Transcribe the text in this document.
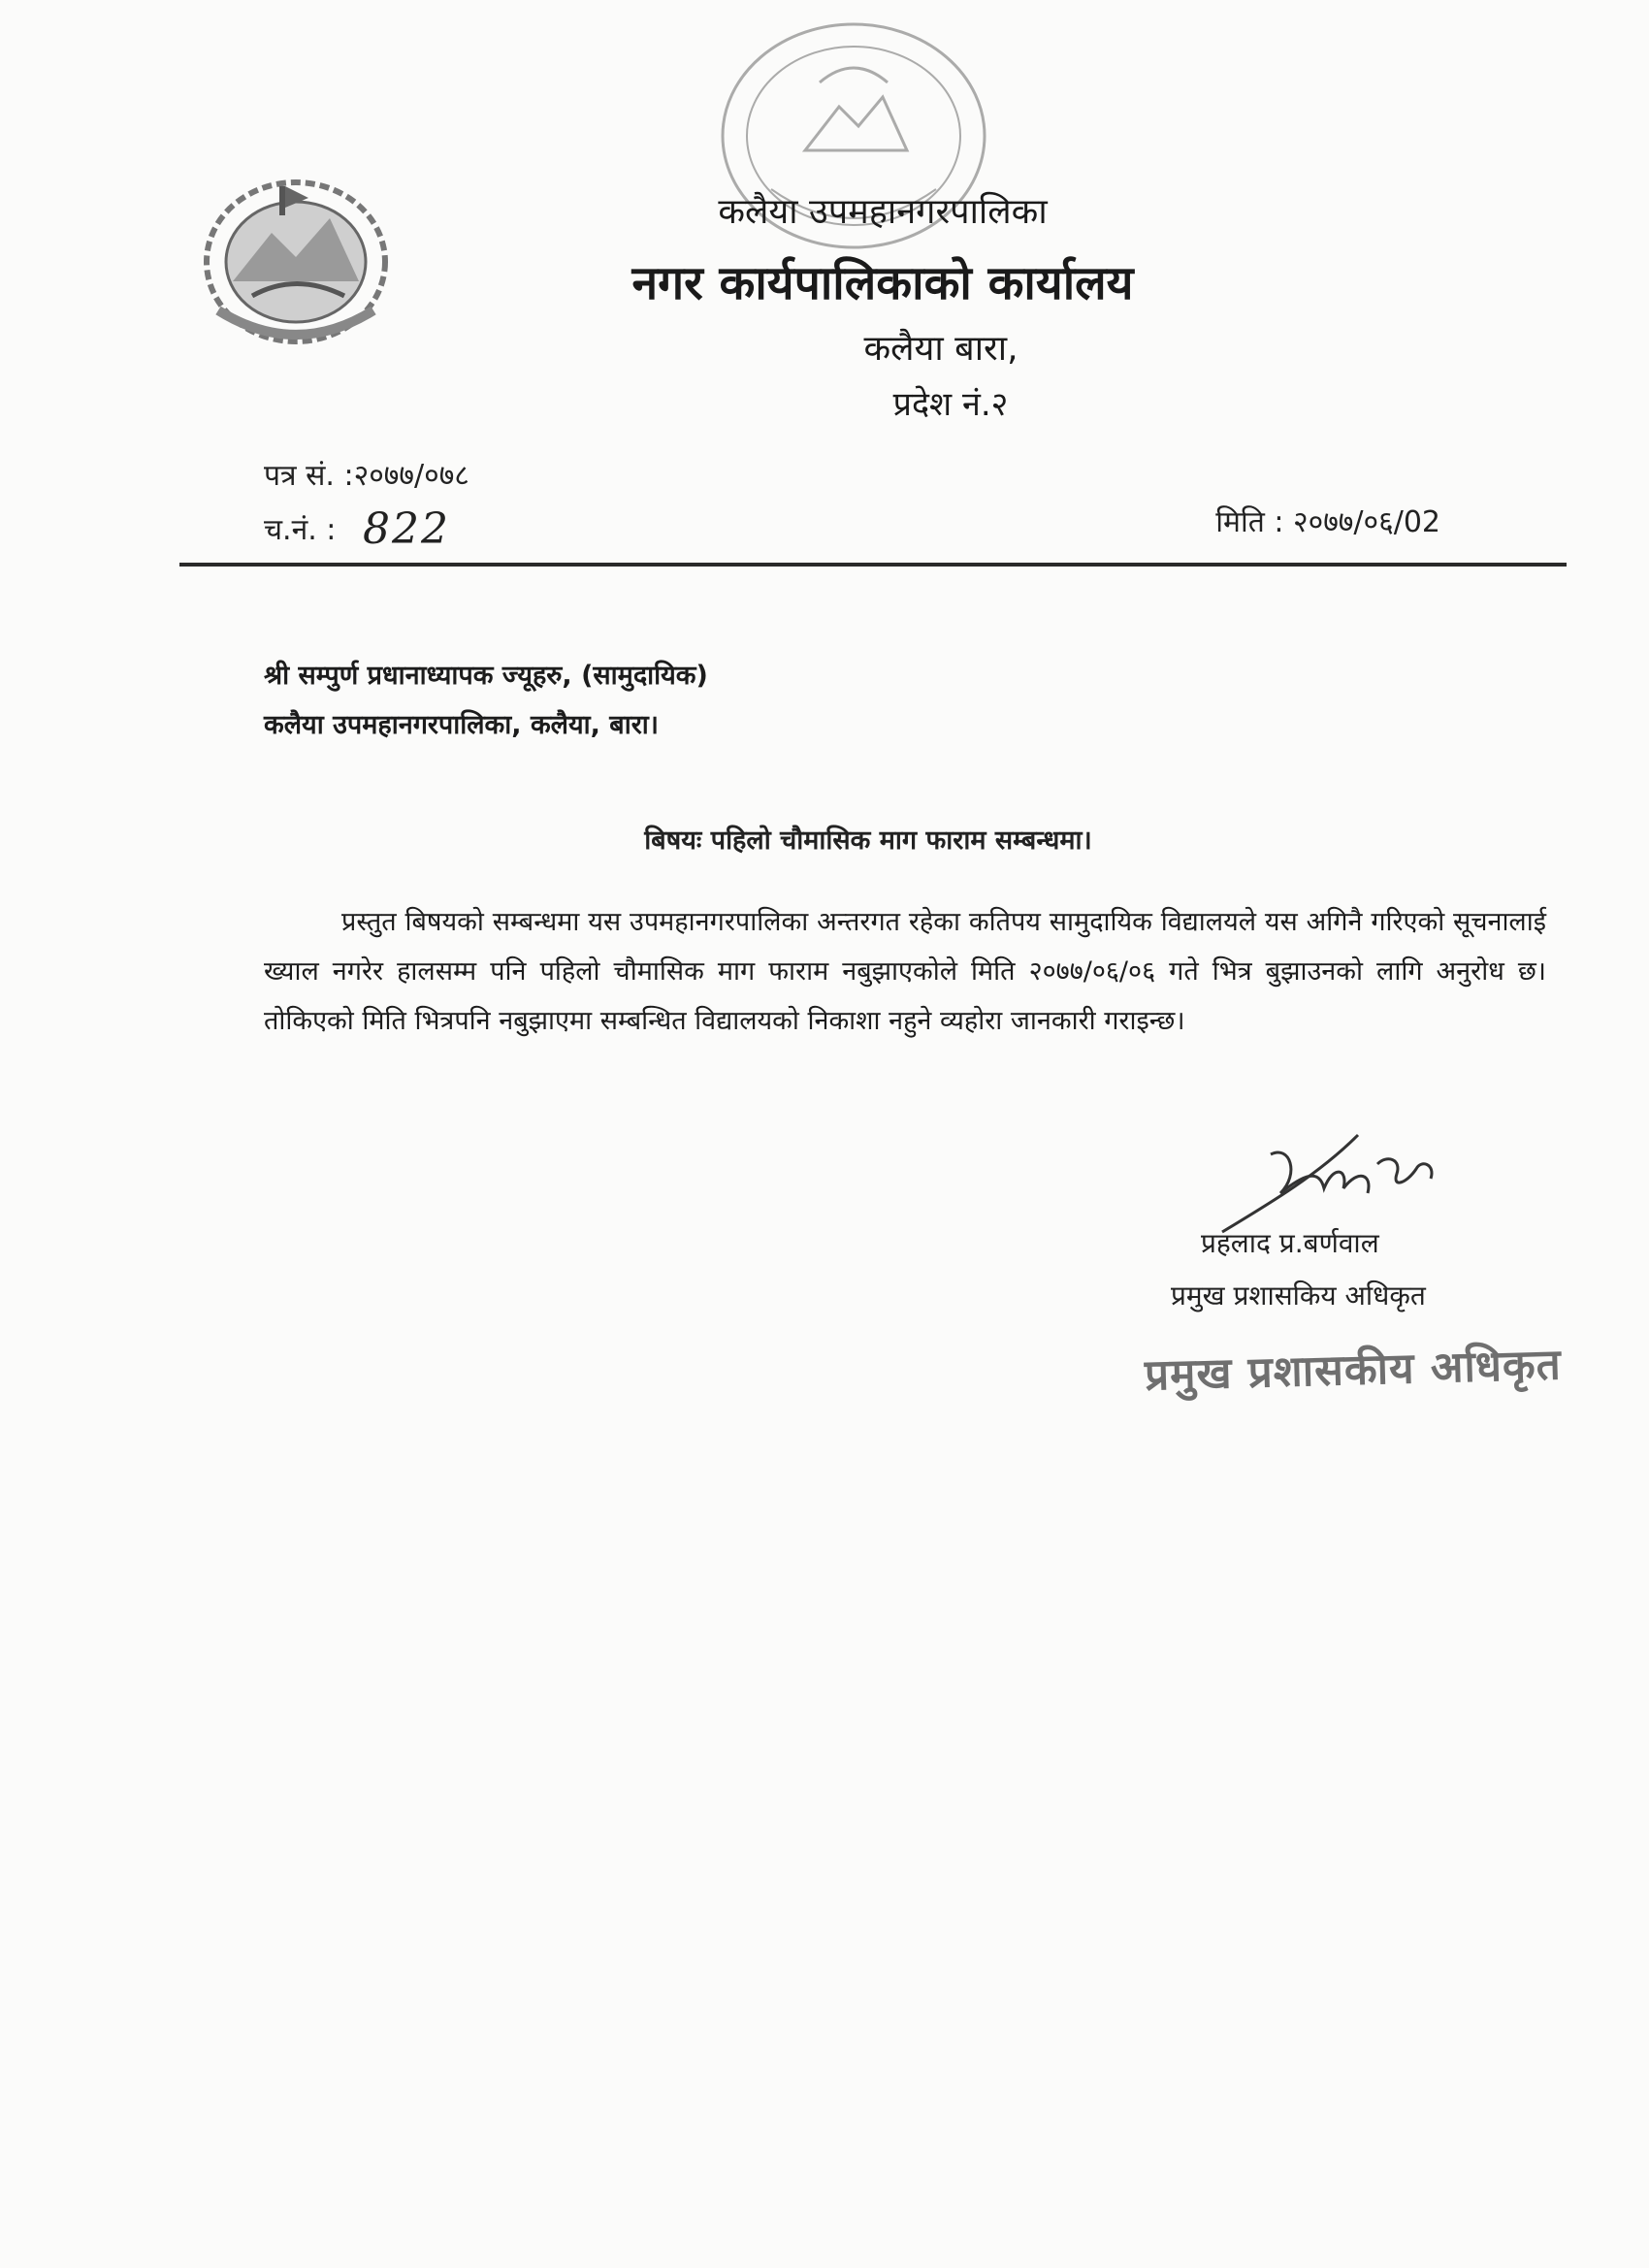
कलैया उपमहानगरपालिका
नगर कार्यपालिकाको कार्यालय
कलैया बारा,
प्रदेश नं.२
पत्र सं. :२०७७/०७८
च.नं. : 822	मिति : २०७७/०६/02
श्री सम्पुर्ण प्रधानाध्यापक ज्यूहरु, (सामुदायिक)
कलैया उपमहानगरपालिका, कलैया, बारा।
बिषयः पहिलो चौमासिक माग फाराम सम्बन्धमा।
प्रस्तुत बिषयको सम्बन्धमा यस उपमहानगरपालिका अन्तरगत रहेका कतिपय सामुदायिक विद्यालयले यस अगिनै गरिएको सूचनालाई ख्याल नगरेर हालसम्म पनि पहिलो चौमासिक माग फाराम नबुझाएकोले मिति २०७७/०६/०६ गते भित्र बुझाउनको लागि अनुरोध छ। तोकिएको मिति भित्रपनि नबुझाएमा सम्बन्धित विद्यालयको निकाशा नहुने व्यहोरा जानकारी गराइन्छ।
प्रहलाद प्र.बर्णवाल
प्रमुख प्रशासकिय अधिकृत
प्रमुख प्रशासकीय अधिकृत
